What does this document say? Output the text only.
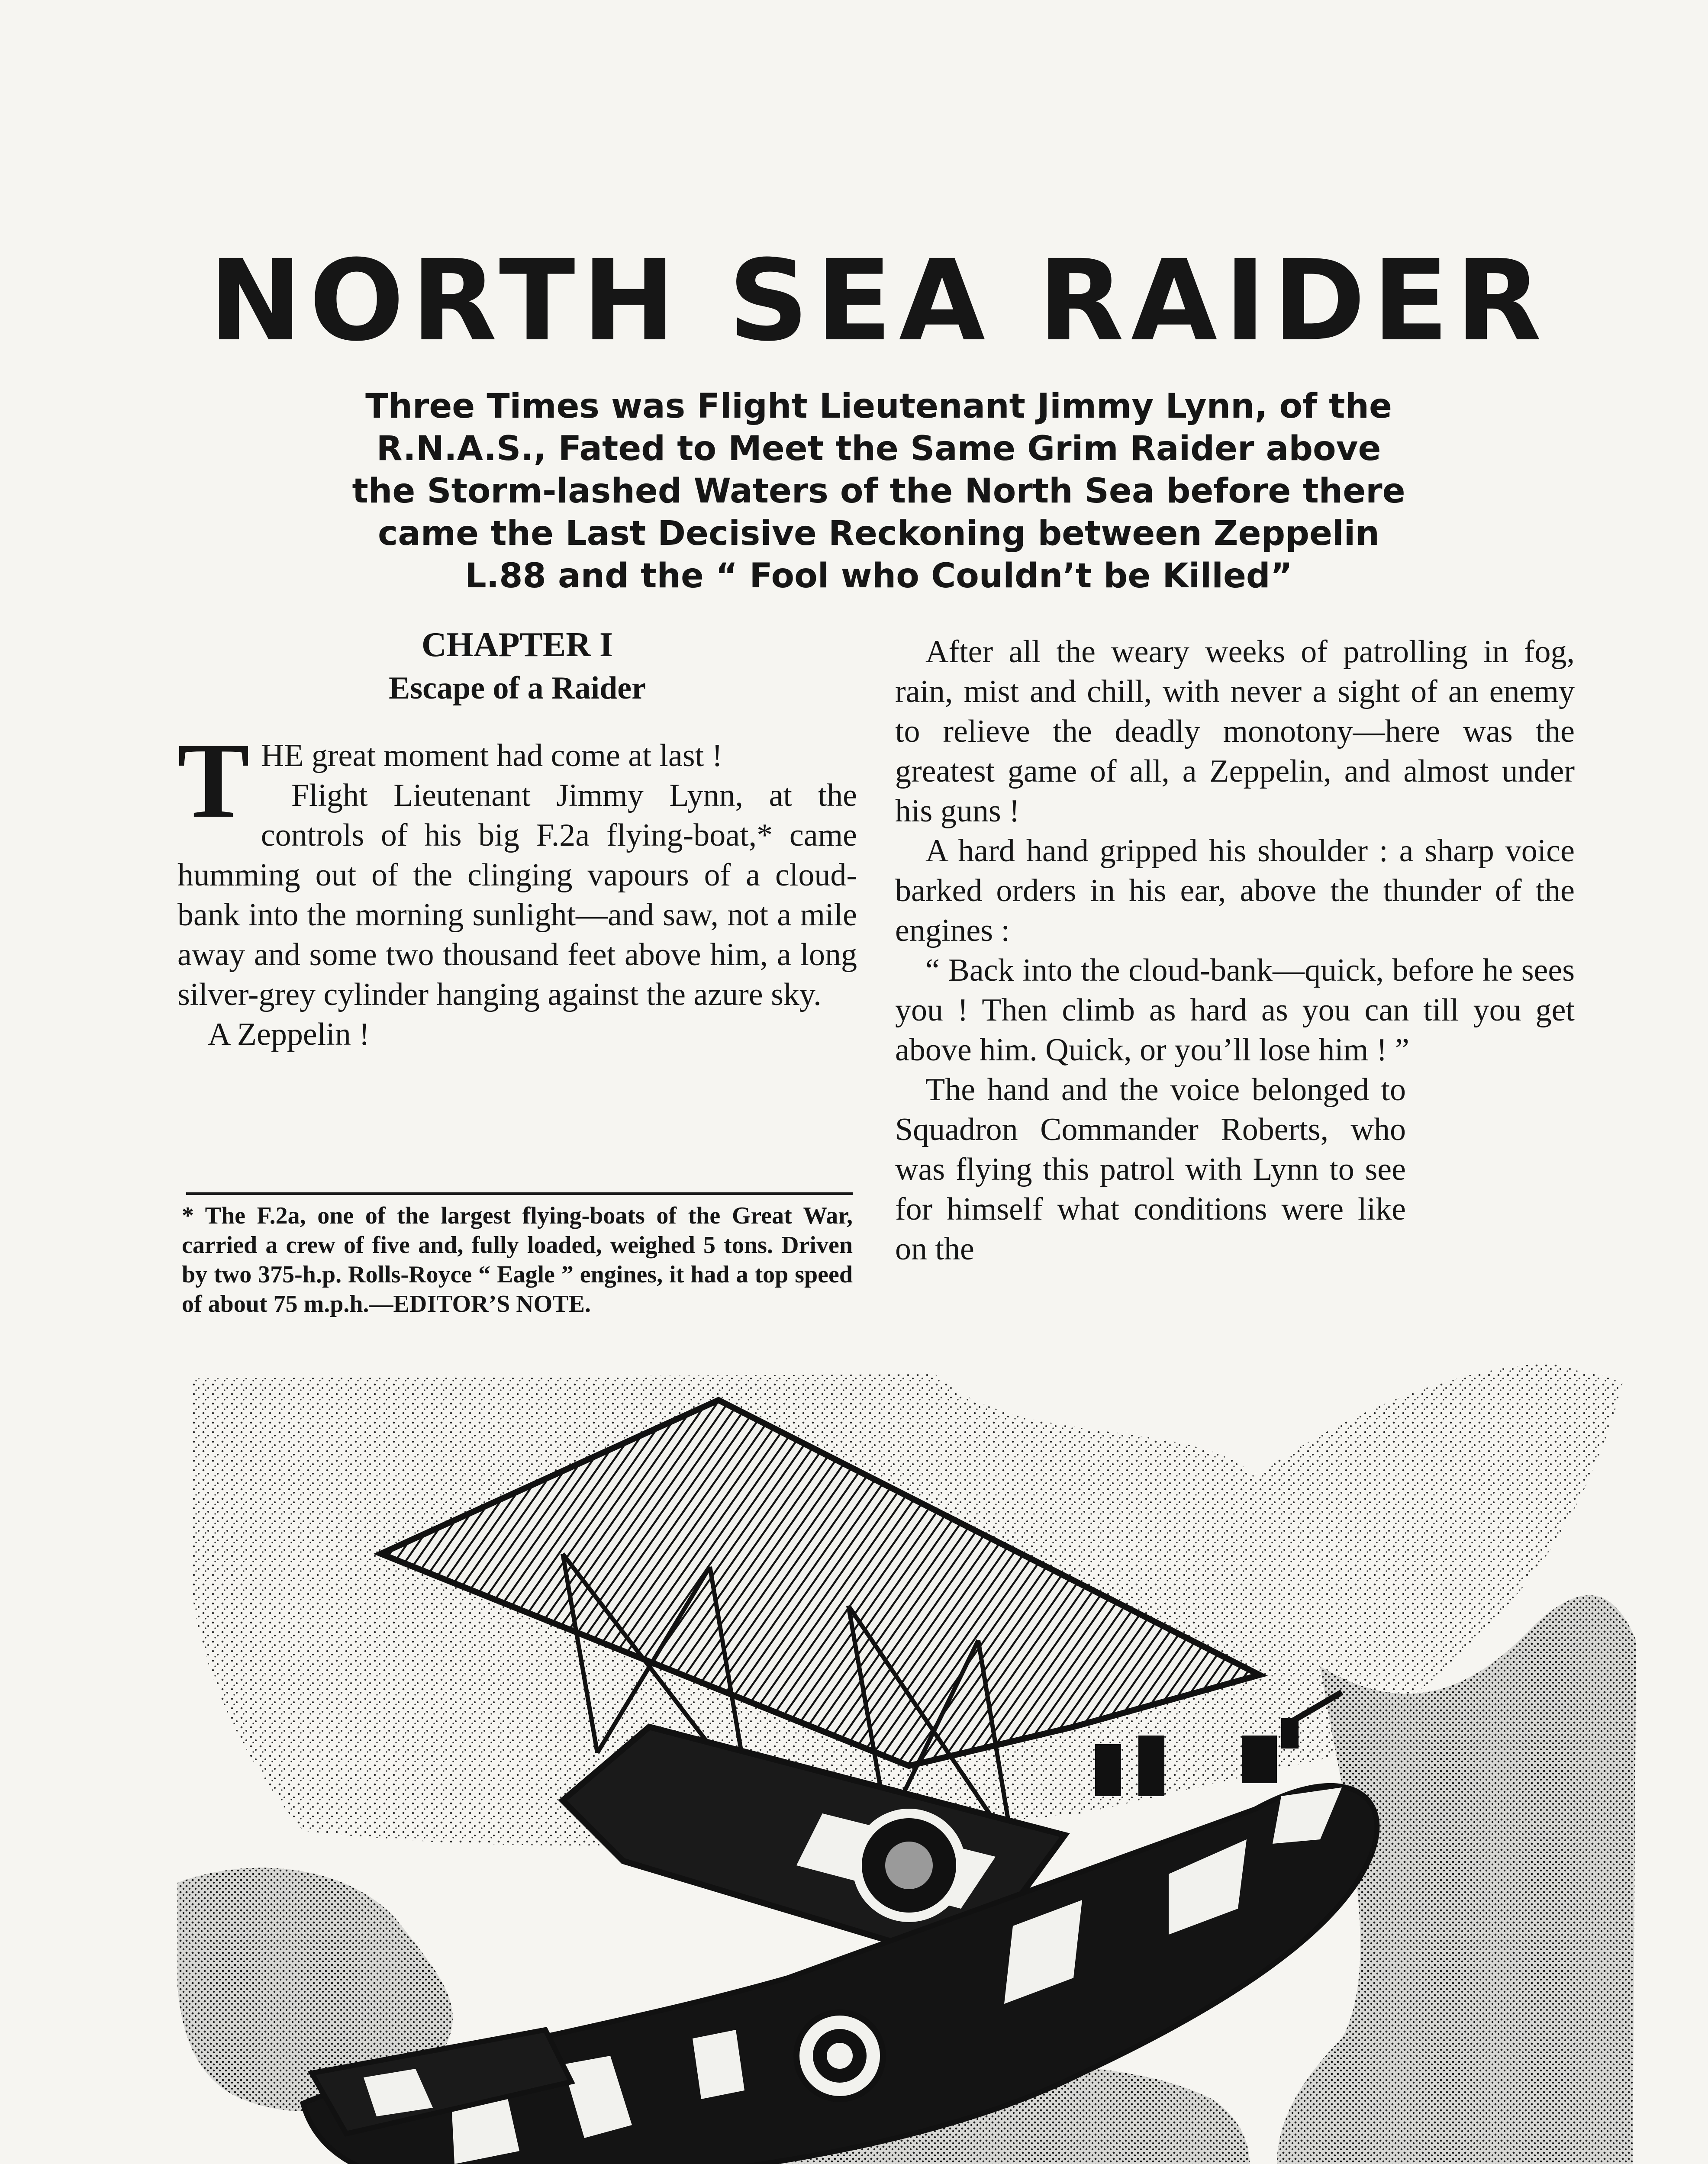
NORTH SEA RAIDER
Three Times was Flight Lieutenant Jimmy Lynn, of the
R.N.A.S., Fated to Meet the Same Grim Raider above
the Storm-lashed Waters of the North Sea before there
came the Last Decisive Reckoning between Zeppelin
L.88 and the “ Fool who Couldn’t be Killed”
CHAPTER I
Escape of a Raider

THE great moment had come at last !

Flight Lieutenant Jimmy Lynn, at the controls of his big F.2a flying-boat,* came humming out of the clinging vapours of a cloud-bank into the morning sunlight—and saw, not a mile away and some two thousand feet above him, a long silver-grey cylinder hanging against the azure sky.

A Zeppelin !

* The F.2a, one of the largest flying-boats of the Great War, carried a crew of five and, fully loaded, weighed 5 tons. Driven by two 375-h.p. Rolls-Royce “ Eagle ” engines, it had a top speed of about 75 m.p.h.—EDITOR’S NOTE.

After all the weary weeks of patrolling in fog, rain, mist and chill, with never a sight of an enemy to relieve the deadly monotony—here was the greatest game of all, a Zeppelin, and almost under his guns !

A hard hand gripped his shoulder : a sharp voice barked orders in his ear, above the thunder of the engines :

“ Back into the cloud-bank—quick, before he sees you ! Then climb as hard as you can till you get above him. Quick, or you’ll lose him ! ”

The hand and the voice belonged to Squadron Commander Roberts, who was flying this patrol with Lynn to see for himself what conditions were like on the
